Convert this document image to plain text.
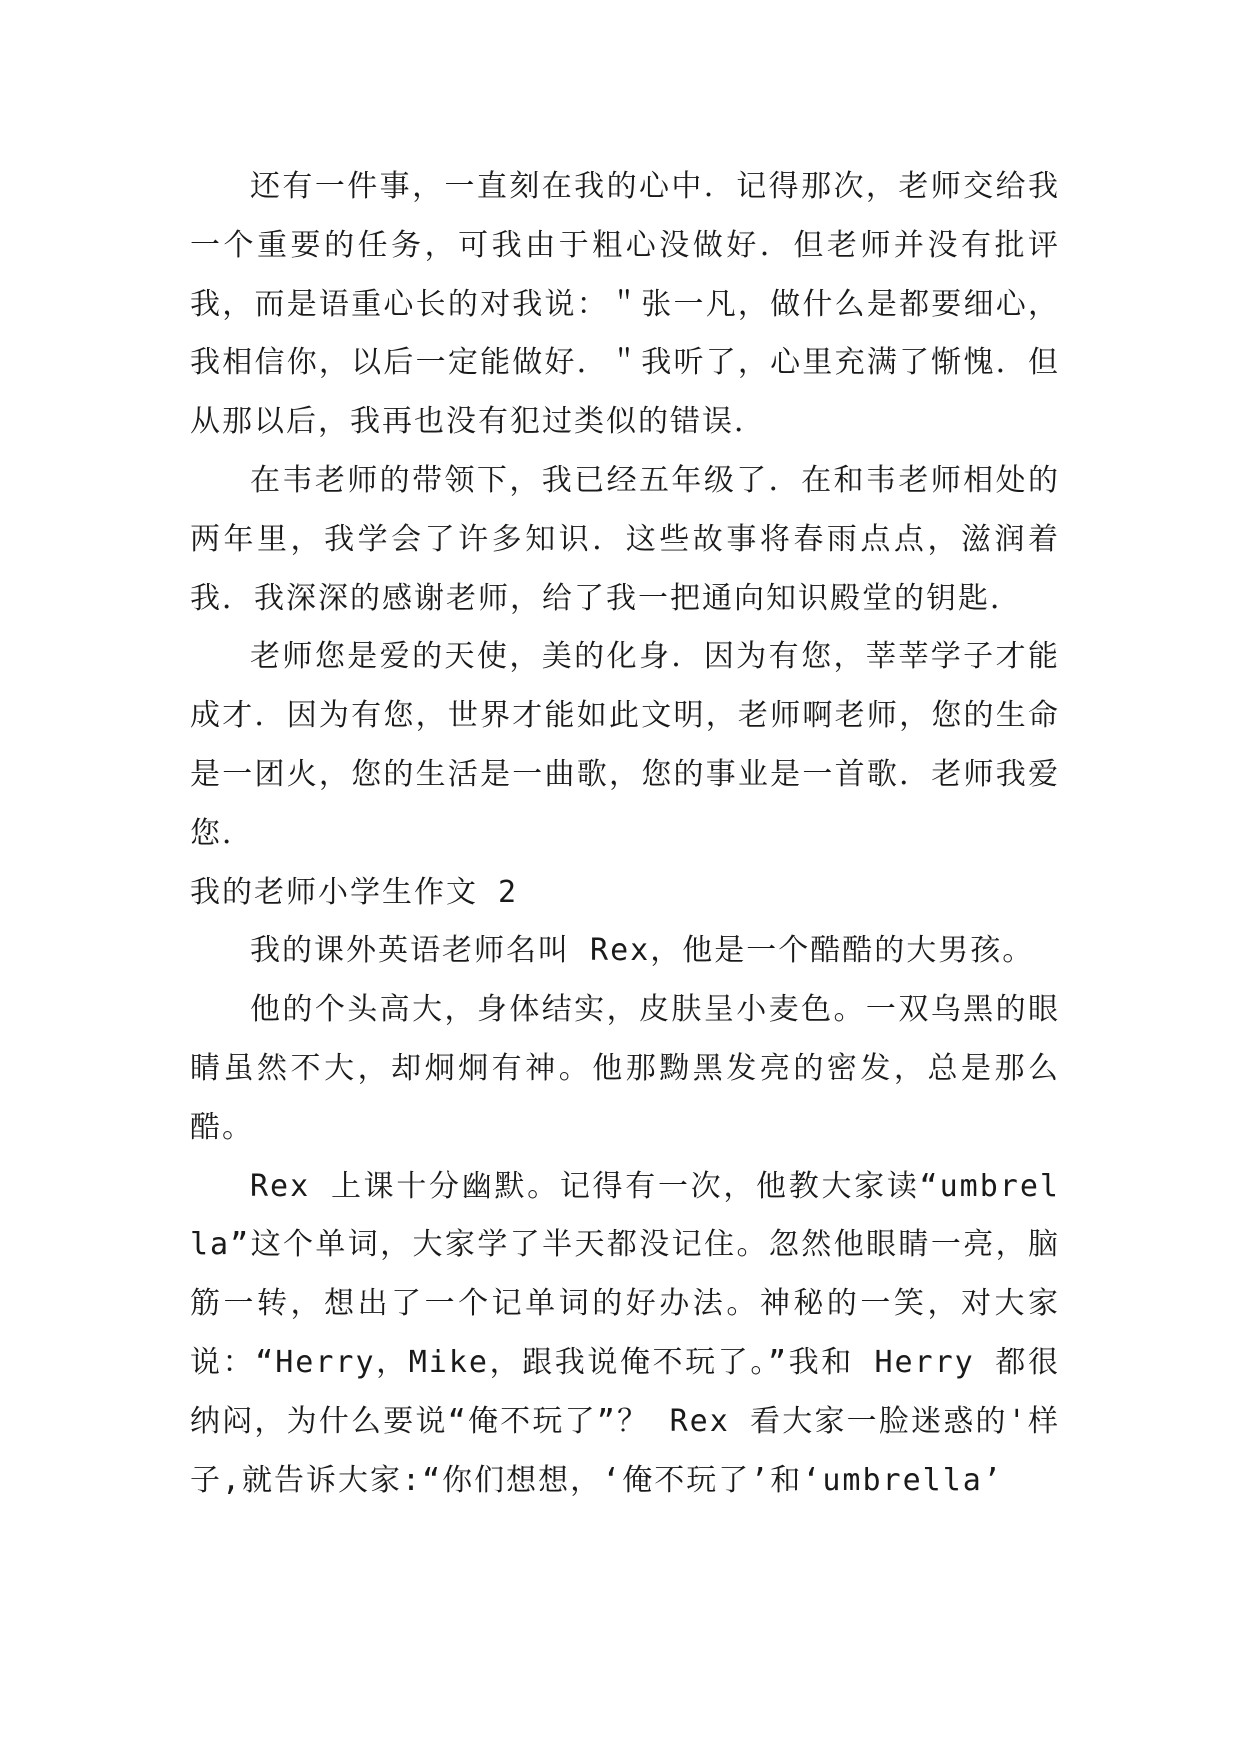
还有一件事，一直刻在我的心中．记得那次，老师交给我一个重要的任务，可我由于粗心没做好．但老师并没有批评我，而是语重心长的对我说：＂张一凡，做什么是都要细心，我相信你，以后一定能做好．＂我听了，心里充满了惭愧．但从那以后，我再也没有犯过类似的错误．

在韦老师的带领下，我已经五年级了．在和韦老师相处的两年里，我学会了许多知识．这些故事将春雨点点，滋润着我．我深深的感谢老师，给了我一把通向知识殿堂的钥匙．

老师您是爱的天使，美的化身．因为有您，莘莘学子才能成才．因为有您，世界才能如此文明，老师啊老师，您的生命是一团火，您的生活是一曲歌，您的事业是一首歌．老师我爱您．

我的老师小学生作文 2

我的课外英语老师名叫 Rex，他是一个酷酷的大男孩。

他的个头高大，身体结实，皮肤呈小麦色。一双乌黑的眼睛虽然不大，却炯炯有神。他那黝黑发亮的密发，总是那么酷。

Rex 上课十分幽默。记得有一次，他教大家读“umbrella”这个单词，大家学了半天都没记住。忽然他眼睛一亮，脑筋一转，想出了一个记单词的好办法。神秘的一笑，对大家说：“Herry，Mike，跟我说俺不玩了。”我和 Herry 都很纳闷，为什么要说“俺不玩了”？ Rex 看大家一脸迷惑的'样子,就告诉大家:“你们想想，‘俺不玩了’和‘umbrella’
